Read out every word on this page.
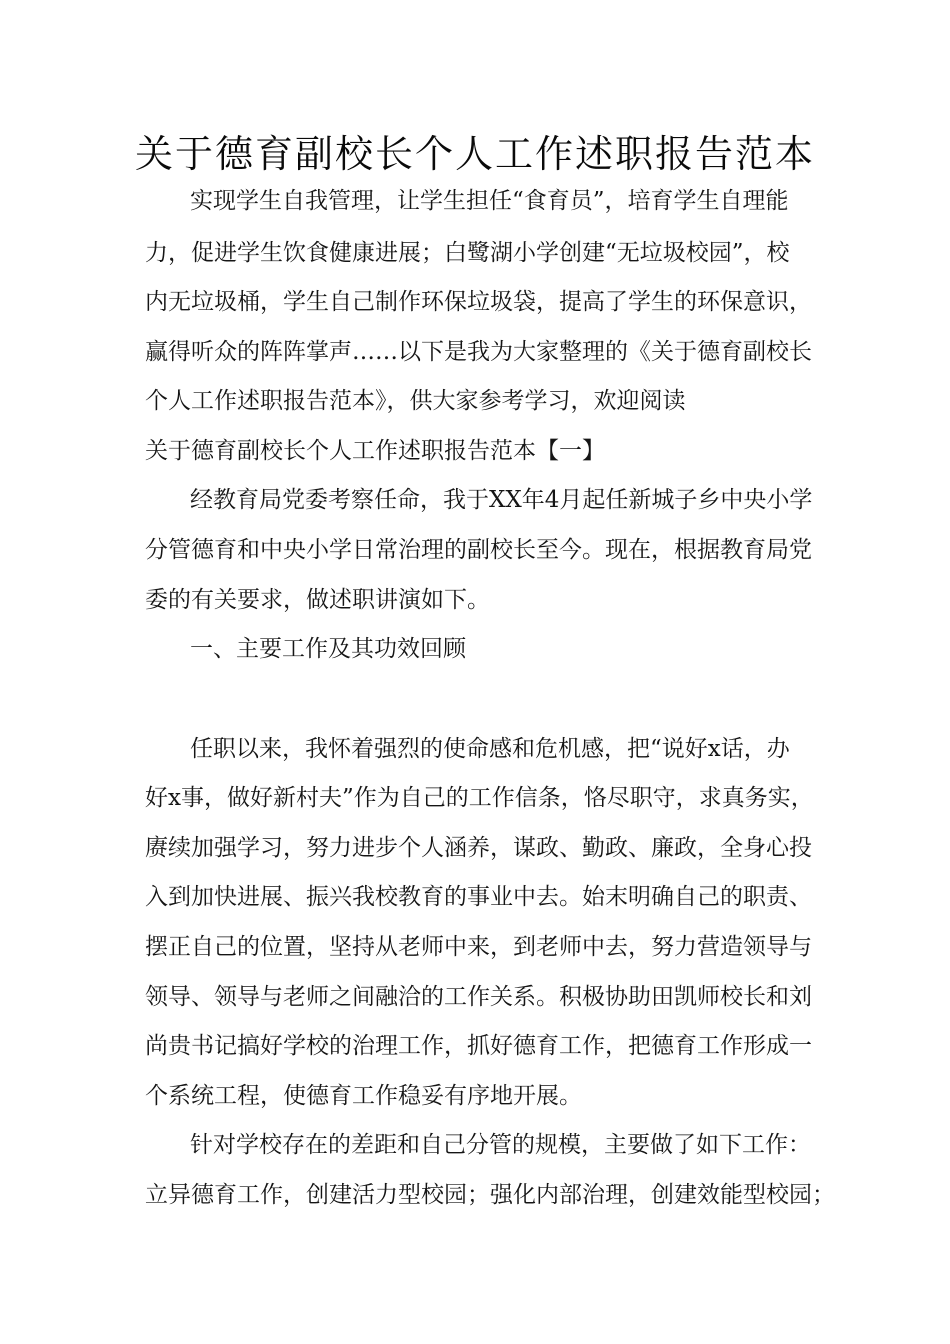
关于德育副校长个人工作述职报告范本
实现学生自我管理，让学生担任“食育员”，培育学生自理能
力，促进学生饮食健康进展；白鹭湖小学创建“无垃圾校园”，校
内无垃圾桶，学生自己制作环保垃圾袋，提高了学生的环保意识，
赢得听众的阵阵掌声……以下是我为大家整理的《关于德育副校长
个人工作述职报告范本》，供大家参考学习，欢迎阅读
关于德育副校长个人工作述职报告范本【一】
经教育局党委考察任命，我于XX年4月起任新城子乡中央小学
分管德育和中央小学日常治理的副校长至今。现在，根据教育局党
委的有关要求，做述职讲演如下。
一、主要工作及其功效回顾
任职以来，我怀着强烈的使命感和危机感，把“说好x话，办
好x事，做好新村夫”作为自己的工作信条，恪尽职守，求真务实，
赓续加强学习，努力进步个人涵养，谋政、勤政、廉政，全身心投
入到加快进展、振兴我校教育的事业中去。始末明确自己的职责、
摆正自己的位置，坚持从老师中来，到老师中去，努力营造领导与
领导、领导与老师之间融洽的工作关系。积极协助田凯师校长和刘
尚贵书记搞好学校的治理工作，抓好德育工作，把德育工作形成一
个系统工程，使德育工作稳妥有序地开展。
针对学校存在的差距和自己分管的规模，主要做了如下工作：
立异德育工作，创建活力型校园；强化内部治理，创建效能型校园；
